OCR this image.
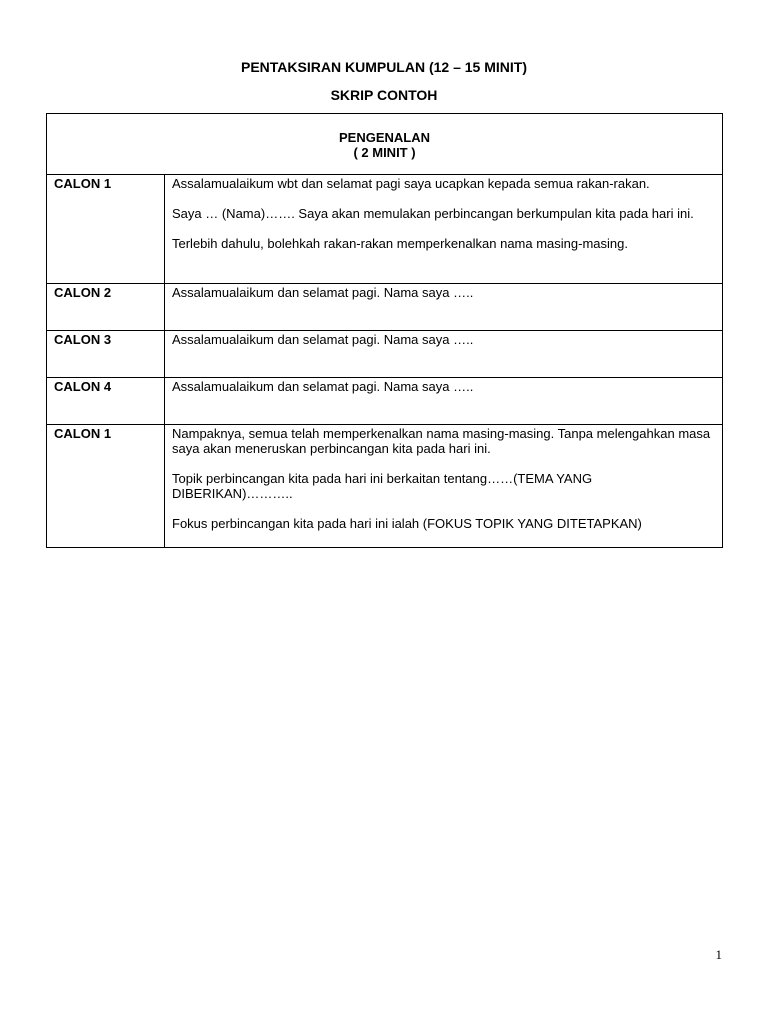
PENTAKSIRAN KUMPULAN (12 – 15 MINIT)
SKRIP CONTOH
PENGENALAN
( 2 MINIT )	

CALON 1	Assalamualaikum wbt dan selamat pagi saya ucapkan kepada semua rakan-rakan.

Saya … (Nama)……. Saya akan memulakan perbincangan berkumpulan kita pada hari ini.

Terlebih dahulu, bolehkah rakan-rakan memperkenalkan nama masing-masing.

CALON 2	Assalamualaikum dan selamat pagi. Nama saya …..

CALON 3	Assalamualaikum dan selamat pagi. Nama saya …..

CALON 4	Assalamualaikum dan selamat pagi. Nama saya …..

CALON 1	Nampaknya, semua telah memperkenalkan nama masing-masing. Tanpa melengahkan masa saya akan meneruskan perbincangan kita pada hari ini.

Topik perbincangan kita pada hari ini berkaitan tentang……(TEMA YANG DIBERIKAN)………..

Fokus perbincangan kita pada hari ini ialah (FOKUS TOPIK YANG DITETAPKAN)

1
